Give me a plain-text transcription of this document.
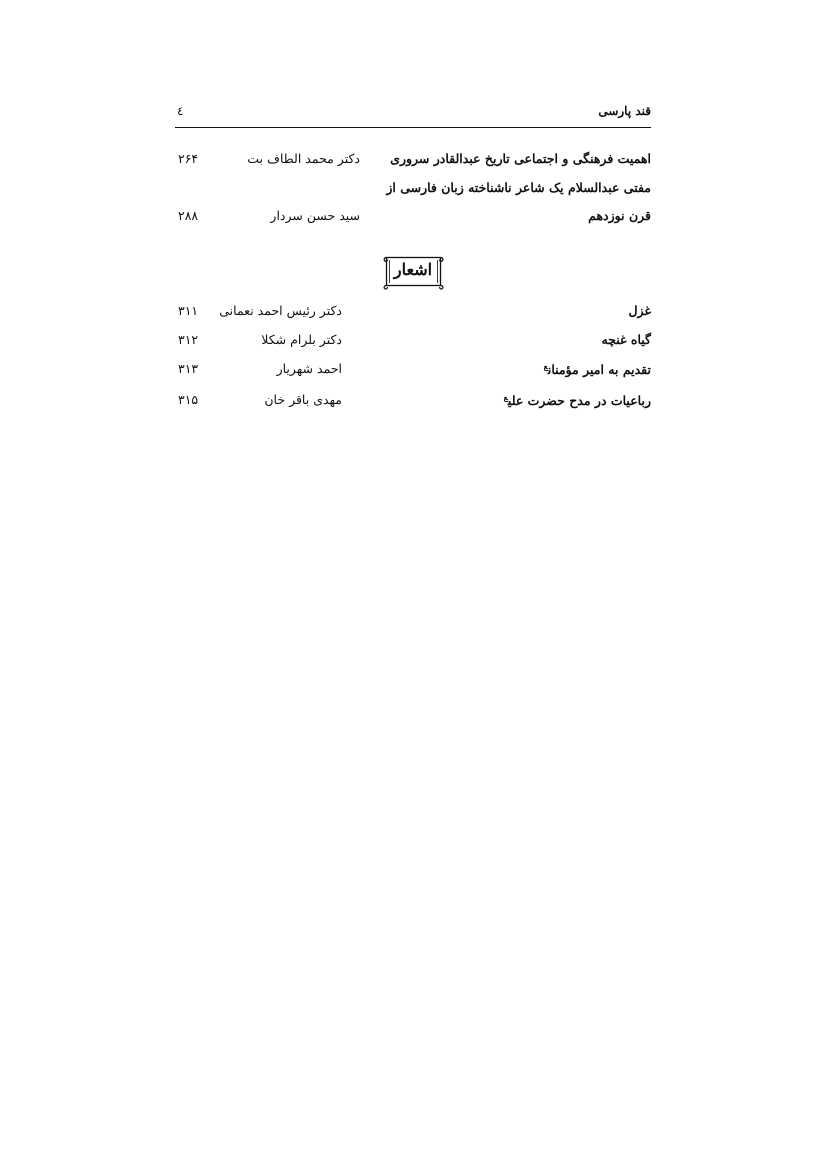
قند پارسی
٤
اهمیت فرهنگی و اجتماعی تاریخ عبدالقادر سروری
دکتر محمد الطاف بت
۲۶۴
مفتی عبدالسلام یک شاعر ناشناخته زبان فارسی از
قرن نوزدهم
سید حسن سردار
۲۸۸
اشعار
غزل
دکتر رئیس احمد نعمانی
۳۱۱
گیاه غنچه
دکتر بلرام شکلا
۳۱۲
تقدیم به امیر مؤمنان$^ع$
احمد شهریار
۳۱۳
رباعیات در مدح حضرت علی$^ع$
مهدی باقر خان
۳۱۵
